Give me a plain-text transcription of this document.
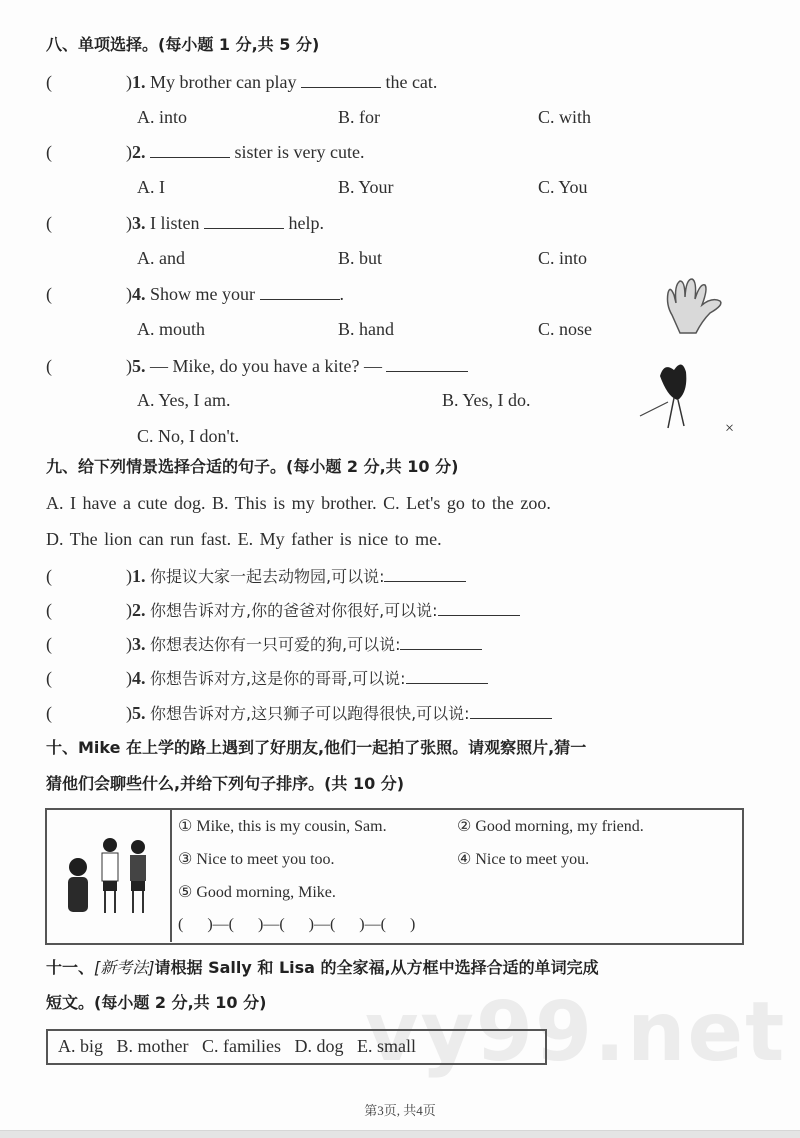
八、单项选择。(每小题 1 分,共 5 分)
(	)1. My brother can play	the cat.
A. into	B. for	C. with
(	)2.	sister is very cute.
A. I	B. Your	C. You
(	)3. I listen	help.
A. and	B. but	C. into
(	)4. Show me your	.
A. mouth	B. hand	C. nose
(	)5. — Mike, do you have a kite? —
A. Yes, I am.	B. Yes, I do.
C. No, I don't.	×
九、给下列情景选择合适的句子。(每小题 2 分,共 10 分)
A. I have a cute dog. B. This is my brother. C. Let's go to the zoo.
D. The lion can run fast. E. My father is nice to me.
(	)1. 你提议大家一起去动物园,可以说:
(	)2. 你想告诉对方,你的爸爸对你很好,可以说:
(	)3. 你想表达你有一只可爱的狗,可以说:
(	)4. 你想告诉对方,这是你的哥哥,可以说:
(	)5. 你想告诉对方,这只狮子可以跑得很快,可以说:
十、Mike 在上学的路上遇到了好朋友,他们一起拍了张照。请观察照片,猜一
猜他们会聊些什么,并给下列句子排序。(共 10 分)
① Mike, this is my cousin, Sam.	② Good morning, my friend.
③ Nice to meet you too.	④ Nice to meet you.
⑤ Good morning, Mike.
(      )—(      )—(      )—(      )—(      )
十一、[新考法]请根据 Sally 和 Lisa 的全家福,从方框中选择合适的单词完成
短文。(每小题 2 分,共 10 分) vy99.net
A. big   B. mother   C. families   D. dog   E. small
第3页, 共4页
